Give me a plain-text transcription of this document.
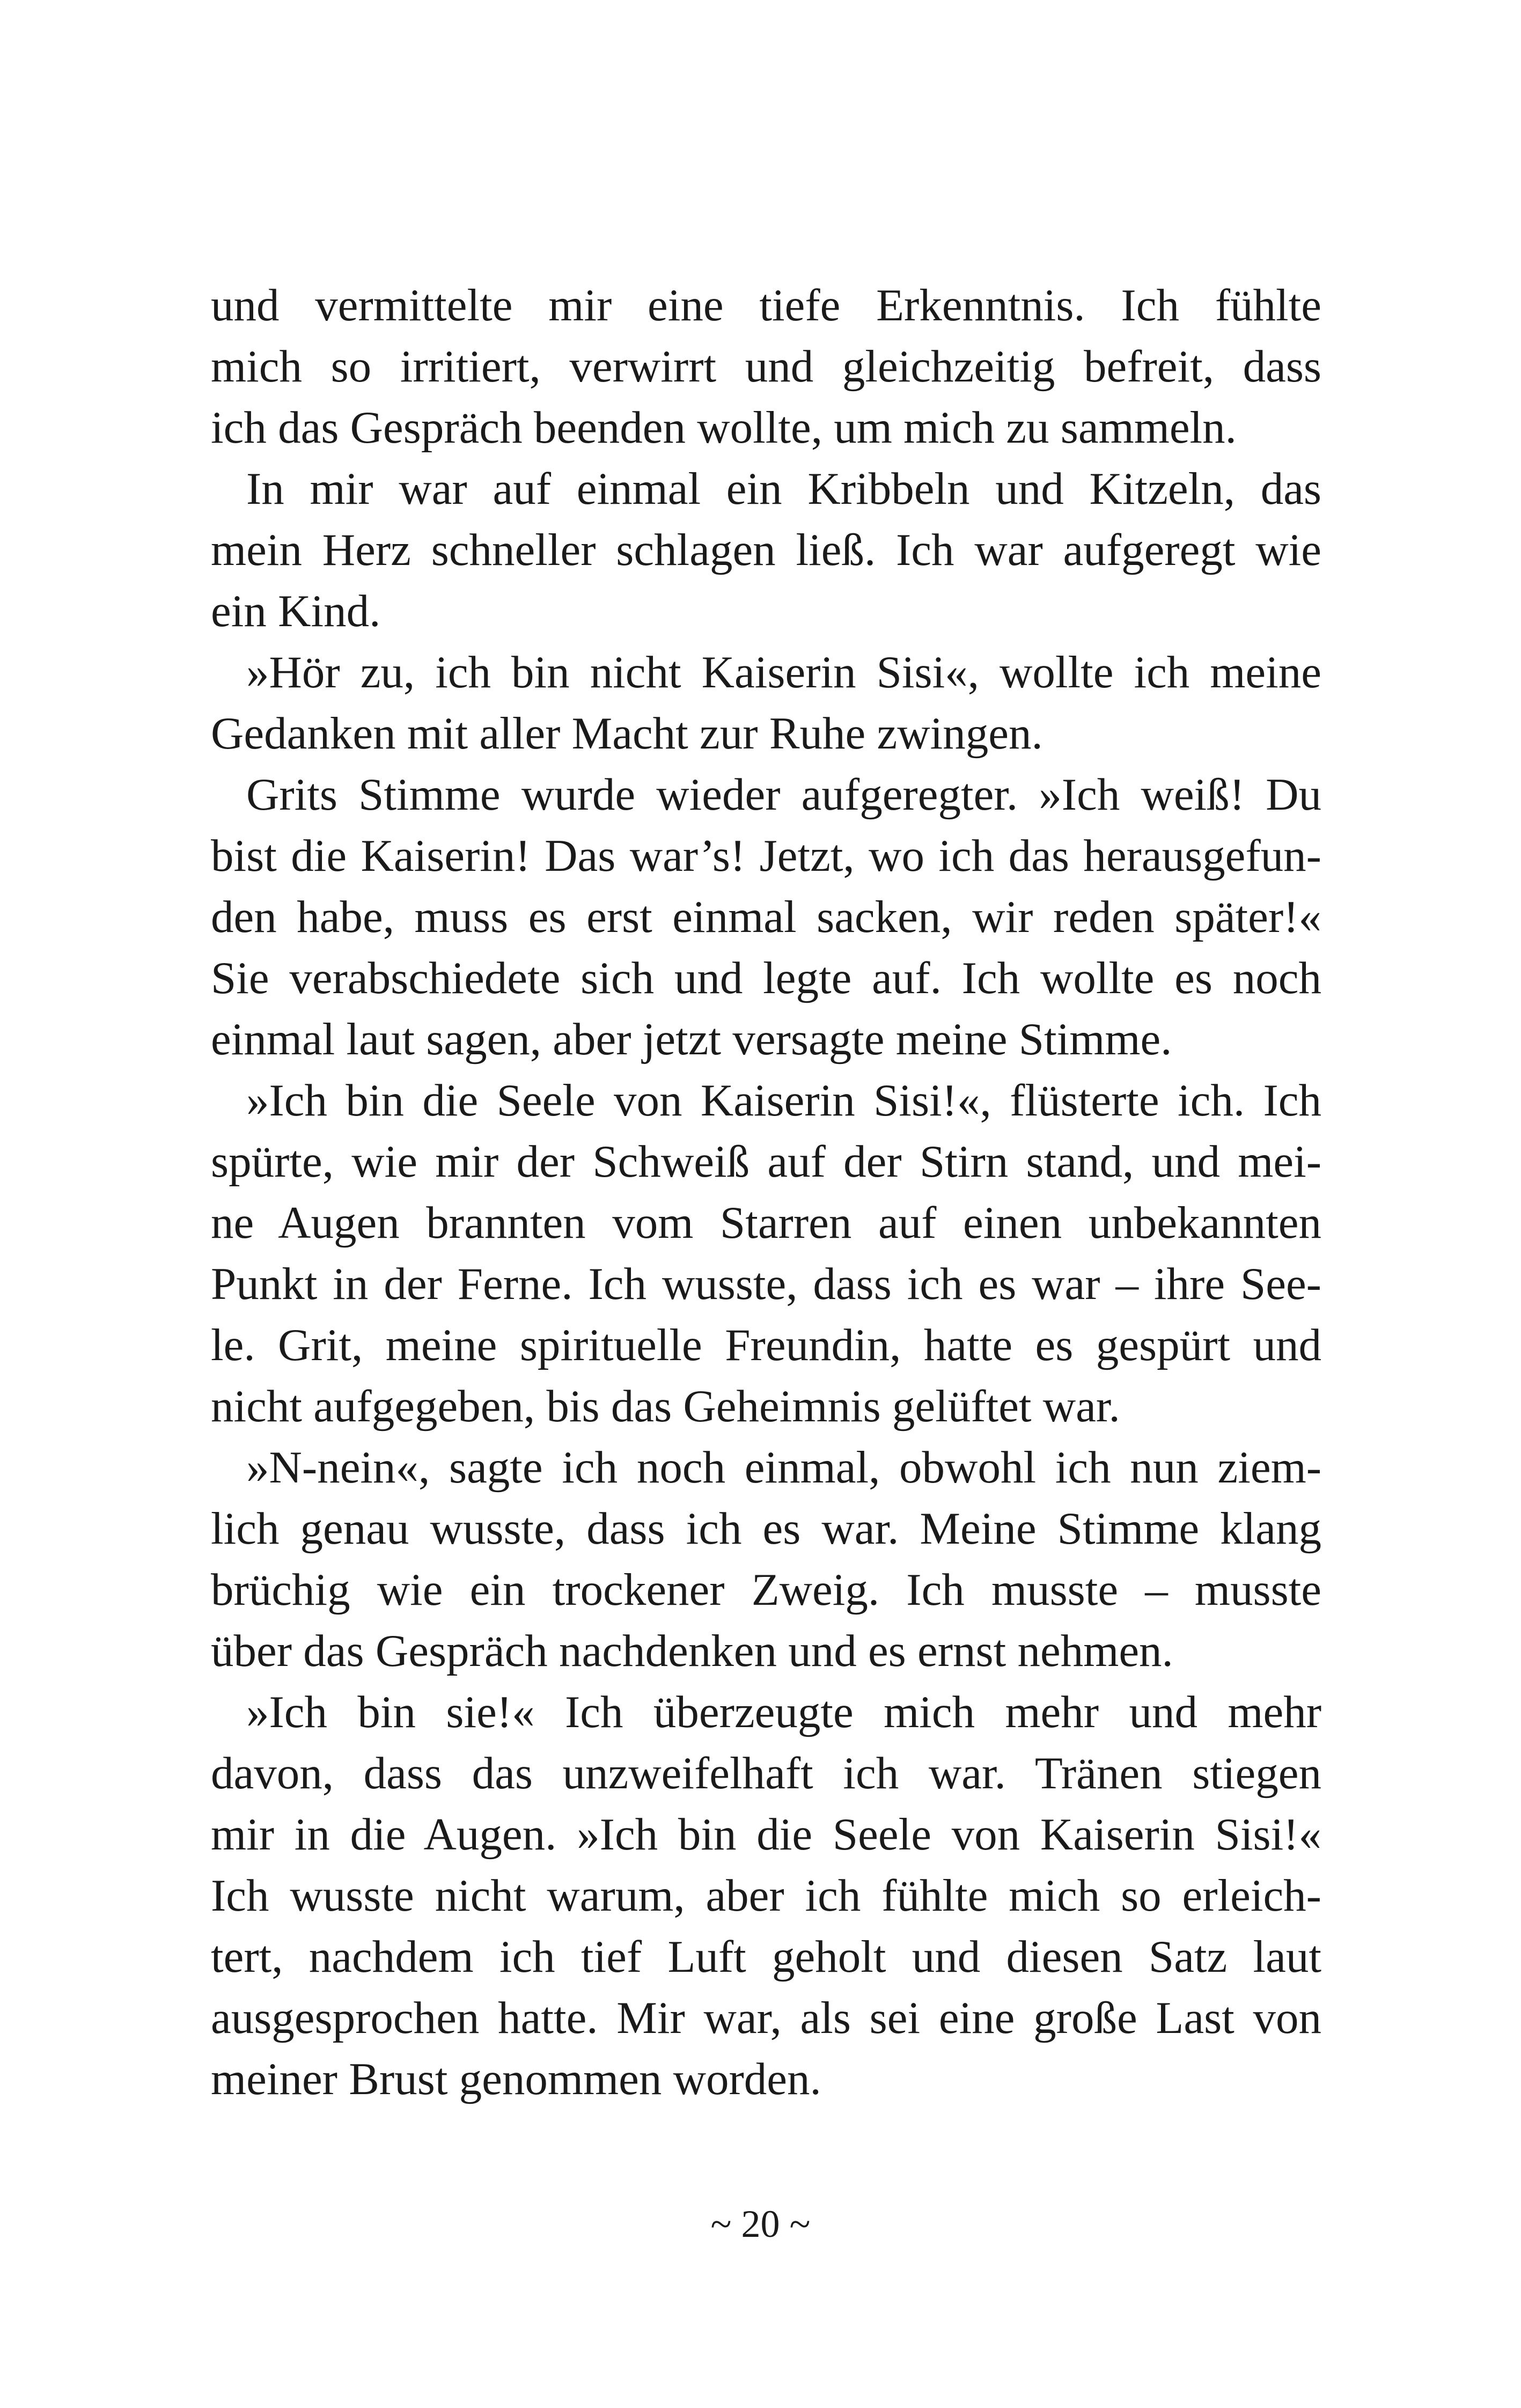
und vermittelte mir eine tiefe Erkenntnis. Ich fühlte
mich so irritiert, verwirrt und gleichzeitig befreit, dass
ich das Gespräch beenden wollte, um mich zu sammeln.
In mir war auf einmal ein Kribbeln und Kitzeln, das
mein Herz schneller schlagen ließ. Ich war aufgeregt wie
ein Kind.
»Hör zu, ich bin nicht Kaiserin Sisi«, wollte ich meine
Gedanken mit aller Macht zur Ruhe zwingen.
Grits Stimme wurde wieder aufgeregter. »Ich weiß! Du
bist die Kaiserin! Das war’s! Jetzt, wo ich das herausgefun-
den habe, muss es erst einmal sacken, wir reden später!«
Sie verabschiedete sich und legte auf. Ich wollte es noch
einmal laut sagen, aber jetzt versagte meine Stimme.
»Ich bin die Seele von Kaiserin Sisi!«, flüsterte ich. Ich
spürte, wie mir der Schweiß auf der Stirn stand, und mei-
ne Augen brannten vom Starren auf einen unbekannten
Punkt in der Ferne. Ich wusste, dass ich es war – ihre See-
le. Grit, meine spirituelle Freundin, hatte es gespürt und
nicht aufgegeben, bis das Geheimnis gelüftet war.
»N-nein«, sagte ich noch einmal, obwohl ich nun ziem-
lich genau wusste, dass ich es war. Meine Stimme klang
brüchig wie ein trockener Zweig. Ich musste – musste
über das Gespräch nachdenken und es ernst nehmen.
»Ich bin sie!« Ich überzeugte mich mehr und mehr
davon, dass das unzweifelhaft ich war. Tränen stiegen
mir in die Augen. »Ich bin die Seele von Kaiserin Sisi!«
Ich wusste nicht warum, aber ich fühlte mich so erleich-
tert, nachdem ich tief Luft geholt und diesen Satz laut
ausgesprochen hatte. Mir war, als sei eine große Last von
meiner Brust genommen worden.
~ 20 ~
